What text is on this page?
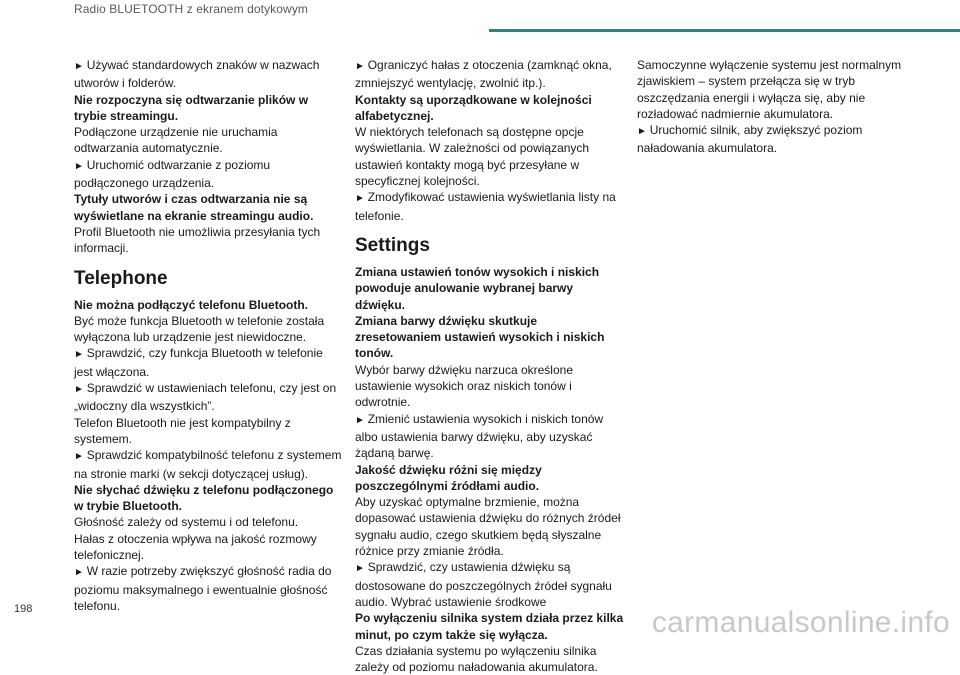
Radio BLUETOOTH z ekranem dotykowym

► Używać standardowych znaków w nazwach utworów i folderów.

Nie rozpoczyna się odtwarzanie plików w trybie streamingu.

Podłączone urządzenie nie uruchamia odtwarzania automatycznie.

► Uruchomić odtwarzanie z poziomu podłączonego urządzenia.

Tytuły utworów i czas odtwarzania nie są wyświetlane na ekranie streamingu audio.

Profil Bluetooth nie umożliwia przesyłania tych informacji.

Telephone

Nie można podłączyć telefonu Bluetooth.

Być może funkcja Bluetooth w telefonie została wyłączona lub urządzenie jest niewidoczne.

► Sprawdzić, czy funkcja Bluetooth w telefonie jest włączona.

► Sprawdzić w ustawieniach telefonu, czy jest on „widoczny dla wszystkich”.

Telefon Bluetooth nie jest kompatybilny z systemem.

► Sprawdzić kompatybilność telefonu z systemem na stronie marki (w sekcji dotyczącej usług).

Nie słychać dźwięku z telefonu podłączonego w trybie Bluetooth.

Głośność zależy od systemu i od telefonu.

Hałas z otoczenia wpływa na jakość rozmowy telefonicznej.

► W razie potrzeby zwiększyć głośność radia do poziomu maksymalnego i ewentualnie głośność telefonu.

► Ograniczyć hałas z otoczenia (zamknąć okna, zmniejszyć wentylację, zwolnić itp.).

Kontakty są uporządkowane w kolejności alfabetycznej.

W niektórych telefonach są dostępne opcje wyświetlania. W zależności od powiązanych ustawień kontakty mogą być przesyłane w specyficznej kolejności.

► Zmodyfikować ustawienia wyświetlania listy na telefonie.

Settings

Zmiana ustawień tonów wysokich i niskich powoduje anulowanie wybranej barwy dźwięku.

Zmiana barwy dźwięku skutkuje zresetowaniem ustawień wysokich i niskich tonów.

Wybór barwy dźwięku narzuca określone ustawienie wysokich oraz niskich tonów i odwrotnie.

► Zmienić ustawienia wysokich i niskich tonów albo ustawienia barwy dźwięku, aby uzyskać żądaną barwę.

Jakość dźwięku różni się między poszczególnymi źródłami audio.

Aby uzyskać optymalne brzmienie, można dopasować ustawienia dźwięku do różnych źródeł sygnału audio, czego skutkiem będą słyszalne różnice przy zmianie źródła.

► Sprawdzić, czy ustawienia dźwięku są dostosowane do poszczególnych źródeł sygnału audio. Wybrać ustawienie środkowe

Po wyłączeniu silnika system działa przez kilka minut, po czym także się wyłącza.

Czas działania systemu po wyłączeniu silnika zależy od poziomu naładowania akumulatora.

Samoczynne wyłączenie systemu jest normalnym zjawiskiem – system przełącza się w tryb oszczędzania energii i wyłącza się, aby nie rozładować nadmiernie akumulatora.

► Uruchomić silnik, aby zwiększyć poziom naładowania akumulatora.

198	carmanualsonline.info
